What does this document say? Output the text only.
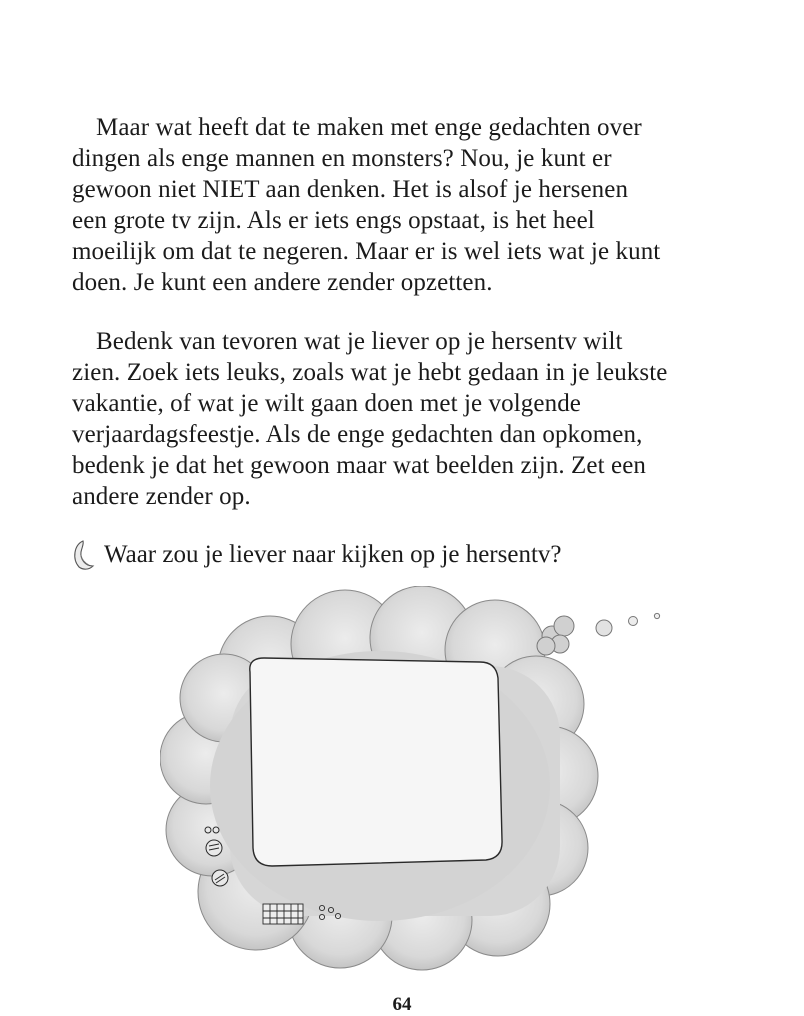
Maar wat heeft dat te maken met enge gedachten over
dingen als enge mannen en monsters? Nou, je kunt er
gewoon niet NIET aan denken. Het is alsof je hersenen
een grote tv zijn. Als er iets engs opstaat, is het heel
moeilijk om dat te negeren. Maar er is wel iets wat je kunt
doen. Je kunt een andere zender opzetten.

Bedenk van tevoren wat je liever op je hersentv wilt
zien. Zoek iets leuks, zoals wat je hebt gedaan in je leukste
vakantie, of wat je wilt gaan doen met je volgende
verjaardagsfeestje. Als de enge gedachten dan opkomen,
bedenk je dat het gewoon maar wat beelden zijn. Zet een
andere zender op.

Waar zou je liever naar kijken op je hersentv?
64
